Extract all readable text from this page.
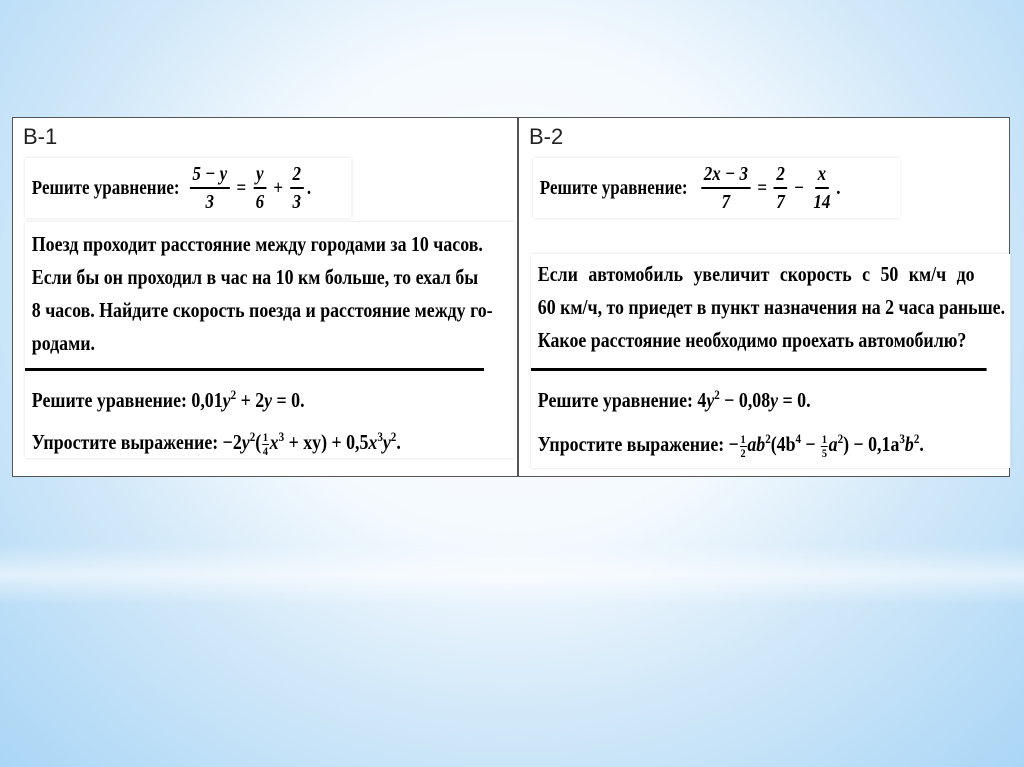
В-1
Решите уравнение: $\frac{5 - y}{3} = \frac{y}{6} + \frac{2}{3}$ .
Поезд проходит расстояние между городами за 10 часов.
Если бы он проходил в час на 10 км больше, то ехал бы
8 часов. Найдите скорость поезда и расстояние между го-
родами.
Решите уравнение: $0,01y^2 + 2y = 0$.
Упростите выражение: $-2y^2( \frac{1}{4} x^3 + xy) + 0,5x^3y^2$.
В-2
Решите уравнение: $\frac{2x - 3}{7} = \frac{2}{7} - \frac{x}{14}$ .
Если автомобиль увеличит скорость с 50 км/ч до
60 км/ч, то приедет в пункт назначения на 2 часа раньше.
Какое расстояние необходимо проехать автомобилю?
Решите уравнение: $4y^2 - 0,08y = 0$.
Упростите выражение: − $\frac{1}{2} ab^2(4b^4 - \frac{1}{5} a^2) - 0,1a^3b^2$.
